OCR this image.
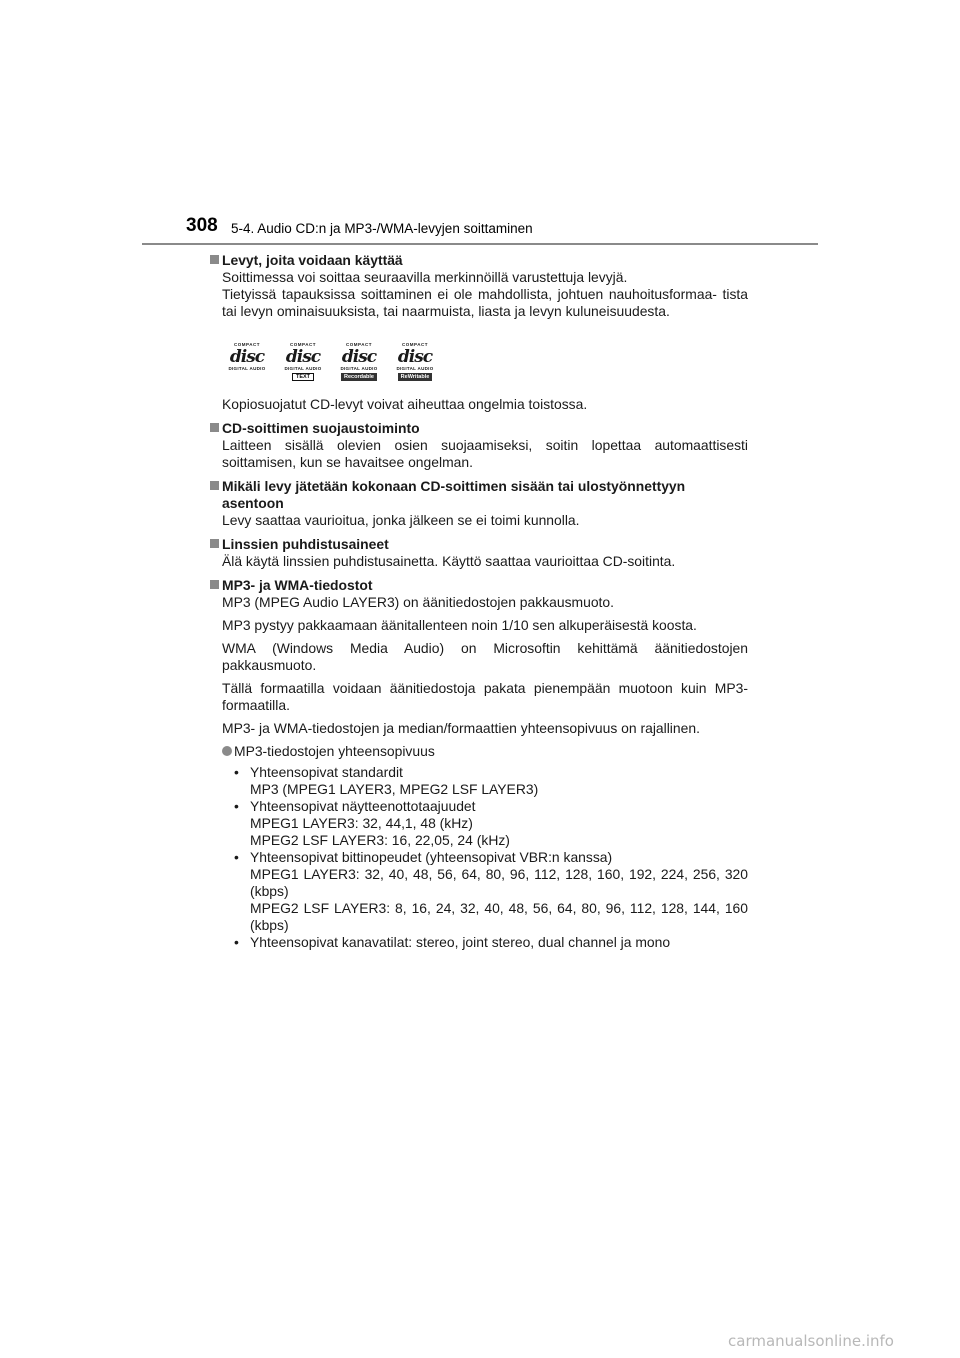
308 5-4. Audio CD:n ja MP3-/WMA-levyjen soittaminen
Levyt, joita voidaan käyttää

Soittimessa voi soittaa seuraavilla merkinnöillä varustettuja levyjä.

Tietyissä tapauksissa soittaminen ei ole mahdollista, johtuen nauhoitusformaa- tista tai levyn ominaisuuksista, tai naarmuista, liasta ja levyn kuluneisuudesta.

COMPACT
disc
DIGITAL AUDIO
COMPACT
disc
DIGITAL AUDIO
TEXT
COMPACT
disc
DIGITAL AUDIO
Recordable
COMPACT
disc
DIGITAL AUDIO
ReWritable

Kopiosuojatut CD-levyt voivat aiheuttaa ongelmia toistossa.

CD-soittimen suojaustoiminto

Laitteen sisällä olevien osien suojaamiseksi, soitin lopettaa automaattisesti soittamisen, kun se havaitsee ongelman.

Mikäli levy jätetään kokonaan CD-soittimen sisään tai ulostyönnettyyn asentoon

Levy saattaa vaurioitua, jonka jälkeen se ei toimi kunnolla.

Linssien puhdistusaineet

Älä käytä linssien puhdistusainetta. Käyttö saattaa vaurioittaa CD-soitinta.

MP3- ja WMA-tiedostot

MP3 (MPEG Audio LAYER3) on äänitiedostojen pakkausmuoto.

MP3 pystyy pakkaamaan äänitallenteen noin 1/10 sen alkuperäisestä koosta.

WMA (Windows Media Audio) on Microsoftin kehittämä äänitiedostojen pakkausmuoto.

Tällä formaatilla voidaan äänitiedostoja pakata pienempään muotoon kuin MP3-formaatilla.

MP3- ja WMA-tiedostojen ja median/formaattien yhteensopivuus on rajallinen.

MP3-tiedostojen yhteensopivuus
• Yhteensopivat standardit
MP3 (MPEG1 LAYER3, MPEG2 LSF LAYER3)
• Yhteensopivat näytteenottotaajuudet
MPEG1 LAYER3: 32, 44,1, 48 (kHz)
MPEG2 LSF LAYER3: 16, 22,05, 24 (kHz)
• Yhteensopivat bittinopeudet (yhteensopivat VBR:n kanssa)
MPEG1 LAYER3: 32, 40, 48, 56, 64, 80, 96, 112, 128, 160, 192, 224, 256, 320 (kbps)
MPEG2 LSF LAYER3: 8, 16, 24, 32, 40, 48, 56, 64, 80, 96, 112, 128, 144, 160 (kbps)
• Yhteensopivat kanavatilat: stereo, joint stereo, dual channel ja mono
carmanualsonline.info
